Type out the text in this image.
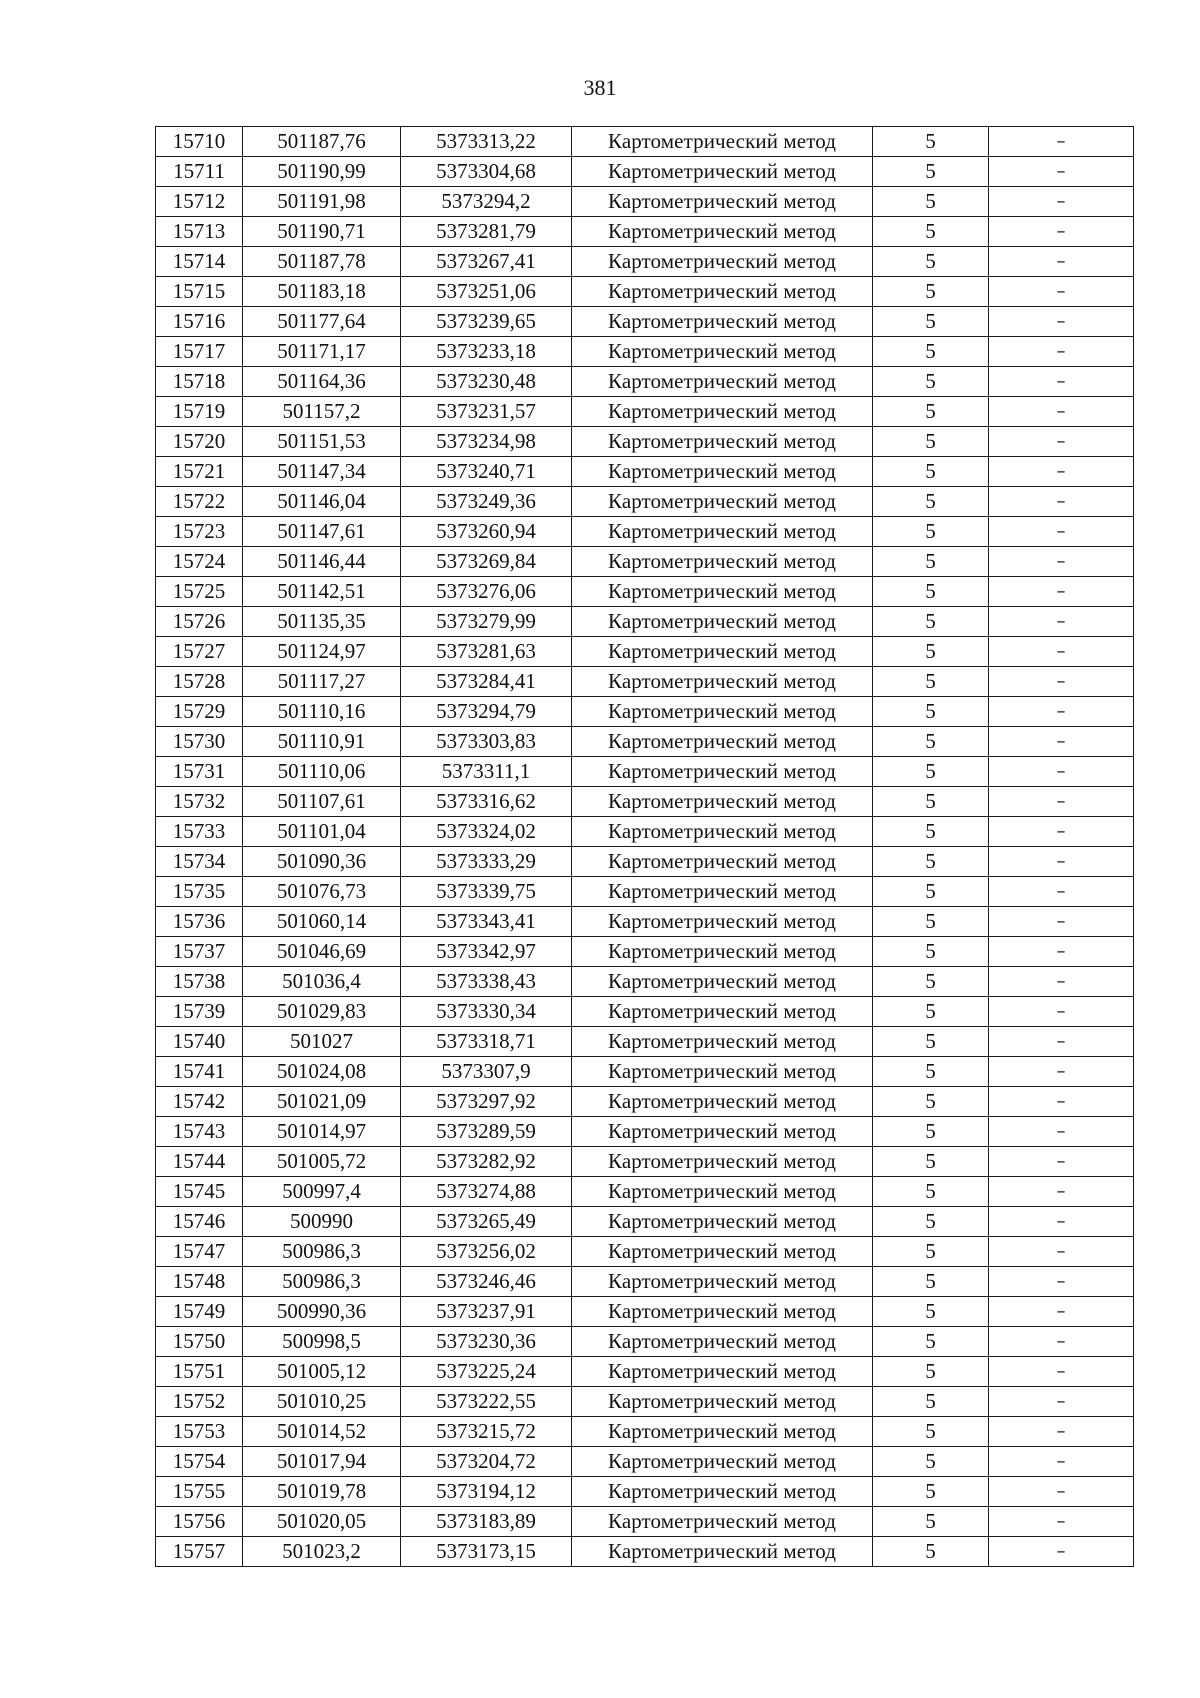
381
15710	501187,76	5373313,22	Картометрический метод	5	–
15711	501190,99	5373304,68	Картометрический метод	5	–
15712	501191,98	5373294,2	Картометрический метод	5	–
15713	501190,71	5373281,79	Картометрический метод	5	–
15714	501187,78	5373267,41	Картометрический метод	5	–
15715	501183,18	5373251,06	Картометрический метод	5	–
15716	501177,64	5373239,65	Картометрический метод	5	–
15717	501171,17	5373233,18	Картометрический метод	5	–
15718	501164,36	5373230,48	Картометрический метод	5	–
15719	501157,2	5373231,57	Картометрический метод	5	–
15720	501151,53	5373234,98	Картометрический метод	5	–
15721	501147,34	5373240,71	Картометрический метод	5	–
15722	501146,04	5373249,36	Картометрический метод	5	–
15723	501147,61	5373260,94	Картометрический метод	5	–
15724	501146,44	5373269,84	Картометрический метод	5	–
15725	501142,51	5373276,06	Картометрический метод	5	–
15726	501135,35	5373279,99	Картометрический метод	5	–
15727	501124,97	5373281,63	Картометрический метод	5	–
15728	501117,27	5373284,41	Картометрический метод	5	–
15729	501110,16	5373294,79	Картометрический метод	5	–
15730	501110,91	5373303,83	Картометрический метод	5	–
15731	501110,06	5373311,1	Картометрический метод	5	–
15732	501107,61	5373316,62	Картометрический метод	5	–
15733	501101,04	5373324,02	Картометрический метод	5	–
15734	501090,36	5373333,29	Картометрический метод	5	–
15735	501076,73	5373339,75	Картометрический метод	5	–
15736	501060,14	5373343,41	Картометрический метод	5	–
15737	501046,69	5373342,97	Картометрический метод	5	–
15738	501036,4	5373338,43	Картометрический метод	5	–
15739	501029,83	5373330,34	Картометрический метод	5	–
15740	501027	5373318,71	Картометрический метод	5	–
15741	501024,08	5373307,9	Картометрический метод	5	–
15742	501021,09	5373297,92	Картометрический метод	5	–
15743	501014,97	5373289,59	Картометрический метод	5	–
15744	501005,72	5373282,92	Картометрический метод	5	–
15745	500997,4	5373274,88	Картометрический метод	5	–
15746	500990	5373265,49	Картометрический метод	5	–
15747	500986,3	5373256,02	Картометрический метод	5	–
15748	500986,3	5373246,46	Картометрический метод	5	–
15749	500990,36	5373237,91	Картометрический метод	5	–
15750	500998,5	5373230,36	Картометрический метод	5	–
15751	501005,12	5373225,24	Картометрический метод	5	–
15752	501010,25	5373222,55	Картометрический метод	5	–
15753	501014,52	5373215,72	Картометрический метод	5	–
15754	501017,94	5373204,72	Картометрический метод	5	–
15755	501019,78	5373194,12	Картометрический метод	5	–
15756	501020,05	5373183,89	Картометрический метод	5	–
15757	501023,2	5373173,15	Картометрический метод	5	–
